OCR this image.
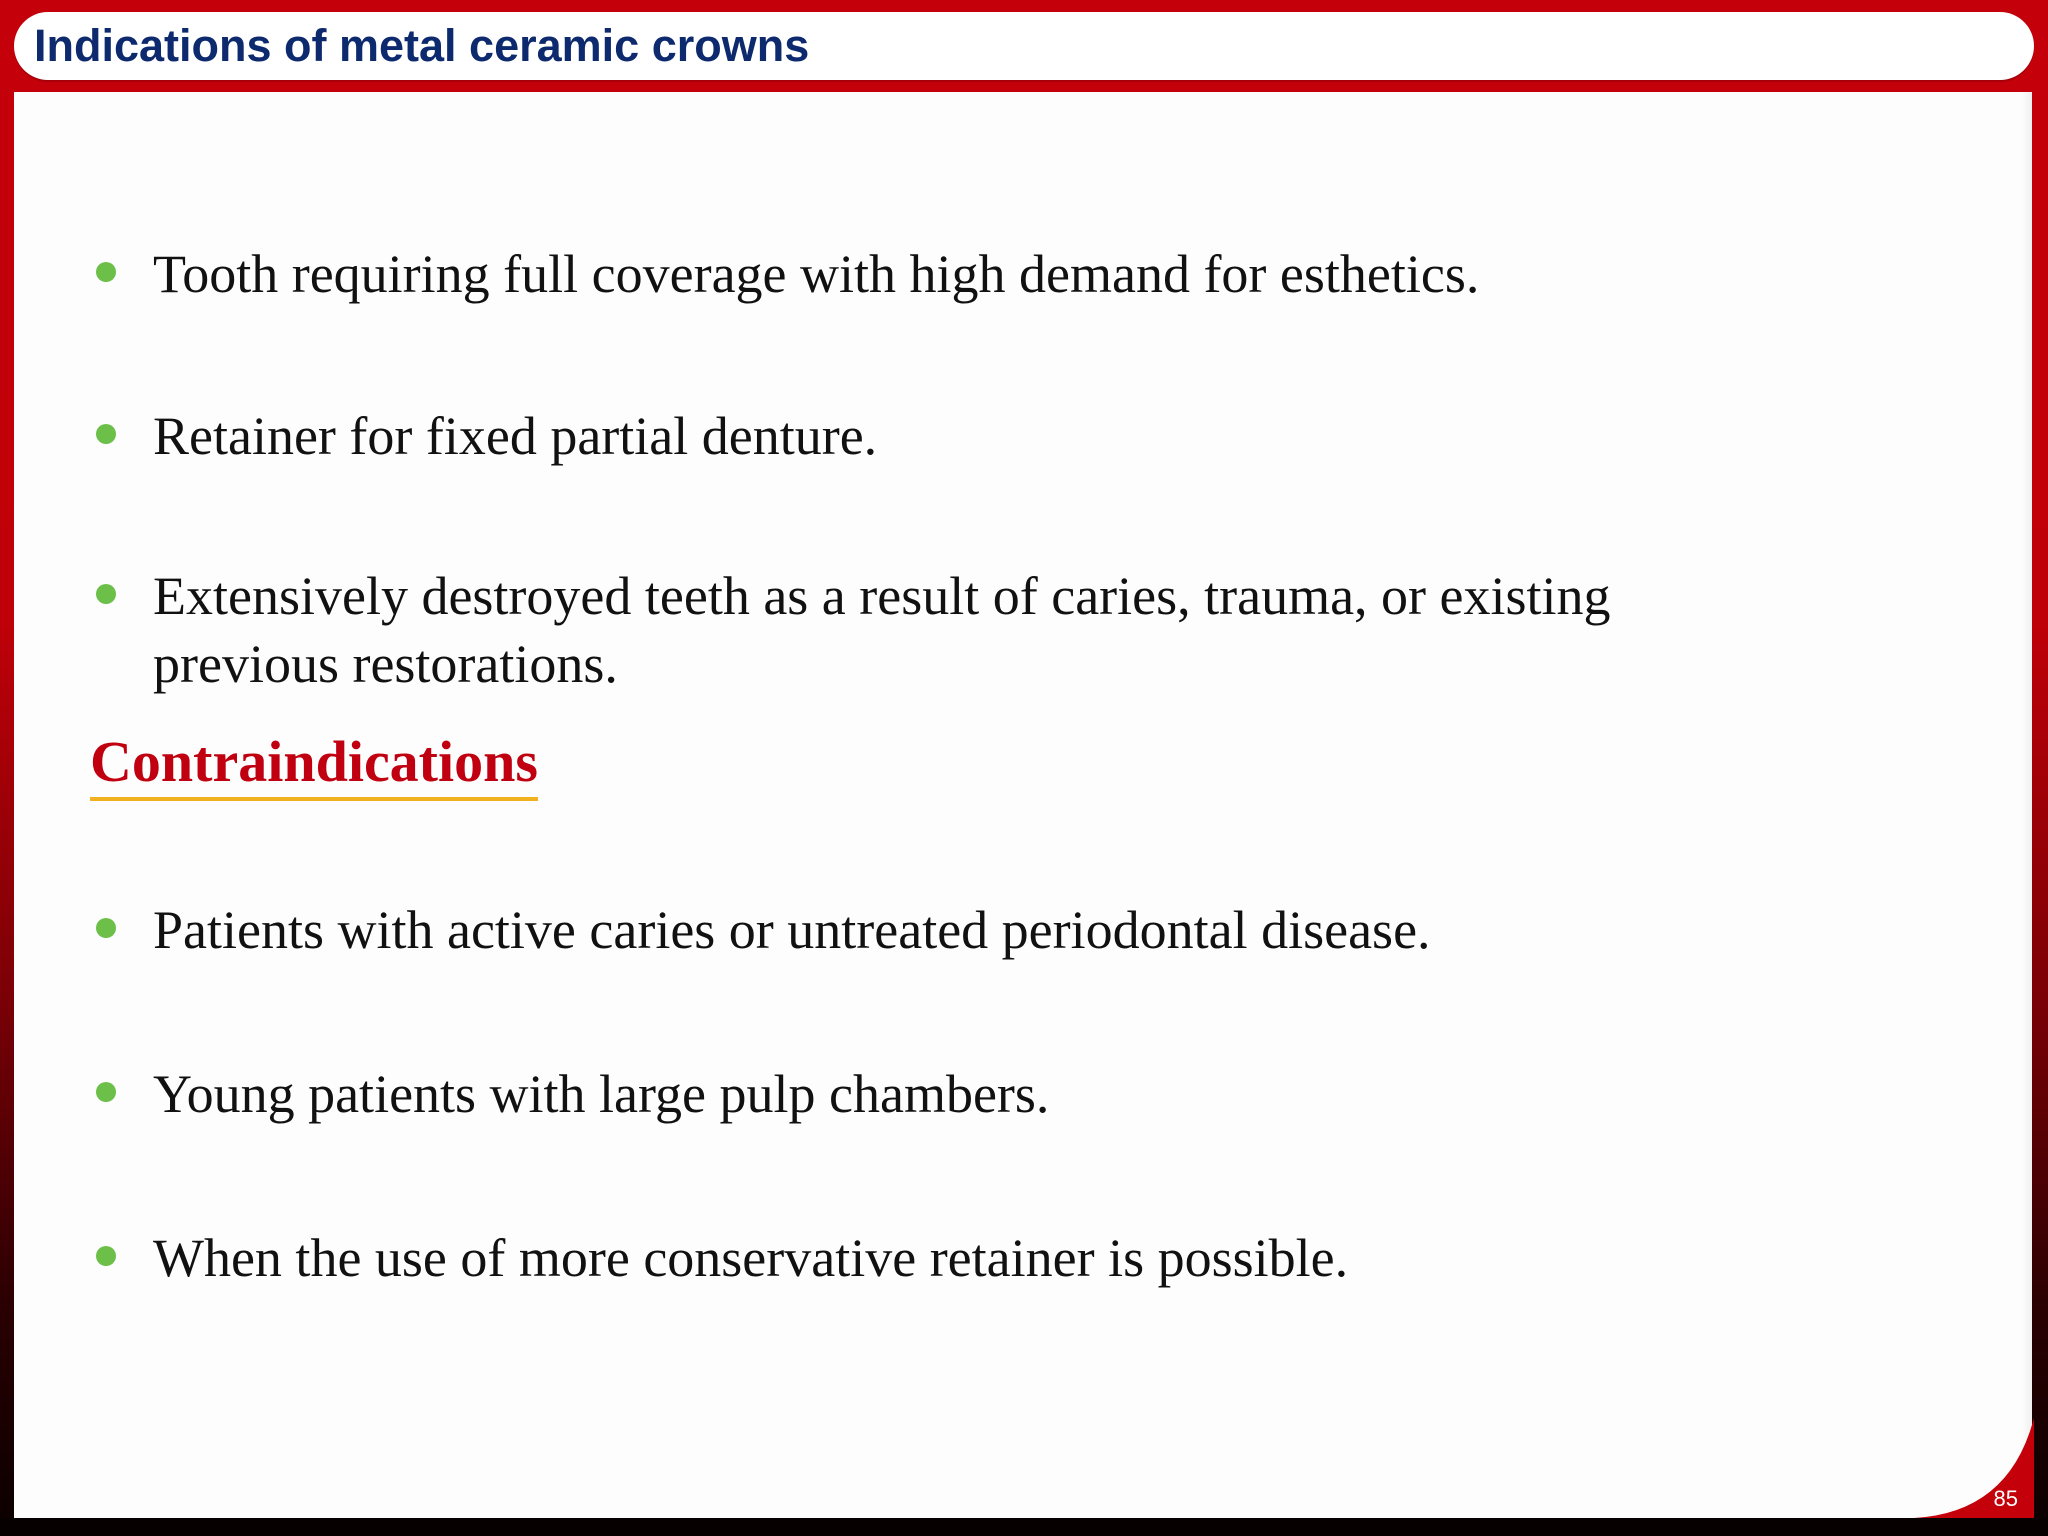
Indications of metal ceramic crowns
Tooth requiring full coverage with high demand for esthetics.
Retainer for fixed partial denture.
Extensively destroyed teeth as a result of caries, trauma, or existing previous restorations.
Contraindications
Patients with active caries or untreated periodontal disease.
Young patients with large pulp chambers.
When the use of more conservative retainer is possible.
85
